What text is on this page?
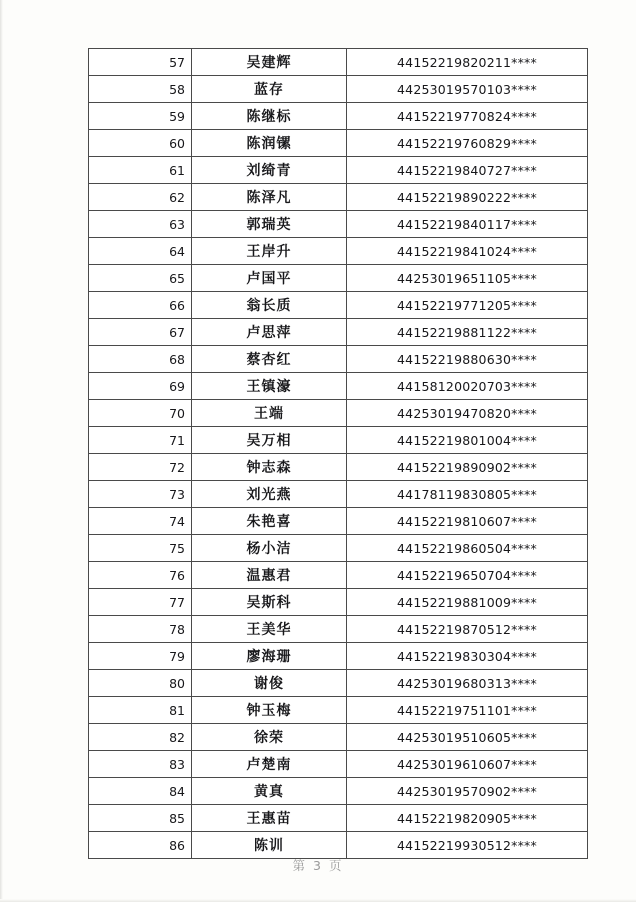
57	吴建辉	44152219820211****
58	蓝存	44253019570103****
59	陈继标	44152219770824****
60	陈润镙	44152219760829****
61	刘绮青	44152219840727****
62	陈泽凡	44152219890222****
63	郭瑞英	44152219840117****
64	王岸升	44152219841024****
65	卢国平	44253019651105****
66	翁长质	44152219771205****
67	卢思萍	44152219881122****
68	蔡杏红	44152219880630****
69	王镇濠	44158120020703****
70	王端	44253019470820****
71	吴万相	44152219801004****
72	钟志森	44152219890902****
73	刘光燕	44178119830805****
74	朱艳喜	44152219810607****
75	杨小洁	44152219860504****
76	温惠君	44152219650704****
77	吴斯科	44152219881009****
78	王美华	44152219870512****
79	廖海珊	44152219830304****
80	谢俊	44253019680313****
81	钟玉梅	44152219751101****
82	徐荣	44253019510605****
83	卢楚南	44253019610607****
84	黄真	44253019570902****
85	王惠苗	44152219820905****
86	陈训	44152219930512****
第 3 页
